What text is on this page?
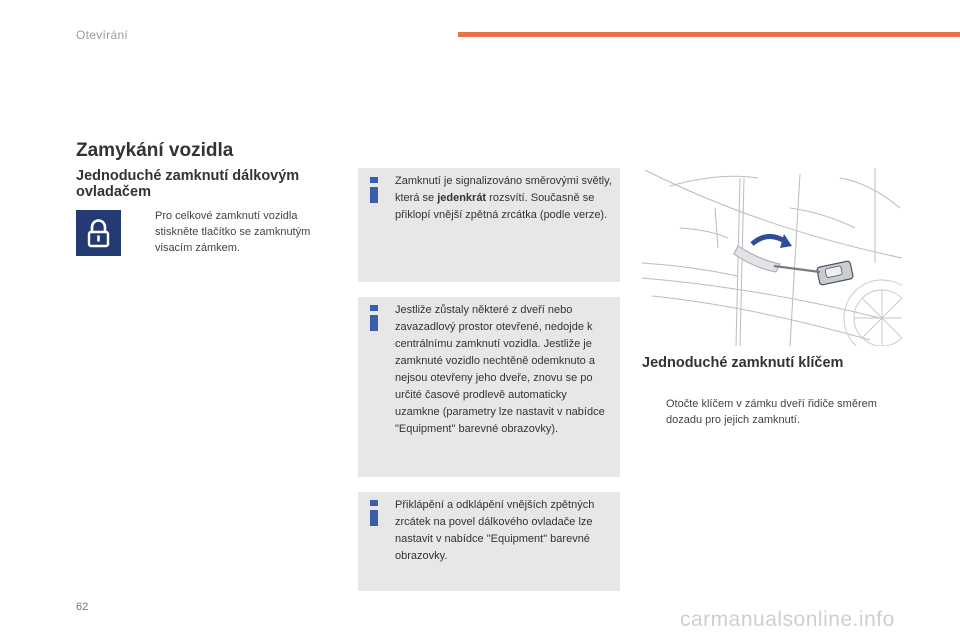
Otevírání
Zamykání vozidla
Jednoduché zamknutí dálkovým ovladačem
Pro celkové zamknutí vozidla stiskněte tlačítko se zamknutým visacím zámkem.
Zamknutí je signalizováno směrovými světly, která se jedenkrát rozsvítí. Současně se přiklopí vnější zpětná zrcátka (podle verze).
Jestliže zůstaly některé z dveří nebo zavazadlový prostor otevřené, nedojde k centrálnímu zamknutí vozidla. Jestliže je zamknuté vozidlo nechtěně odemknuto a nejsou otevřeny jeho dveře, znovu se po určité časové prodlevě automaticky uzamkne (parametry lze nastavit v nabídce "Equipment" barevné obrazovky).
Přiklápění a odklápění vnějších zpětných zrcátek na povel dálkového ovladače lze nastavit v nabídce "Equipment" barevné obrazovky.
Jednoduché zamknutí klíčem
Otočte klíčem v zámku dveří řidiče směrem dozadu pro jejich zamknutí.
62
carmanualsonline.info
